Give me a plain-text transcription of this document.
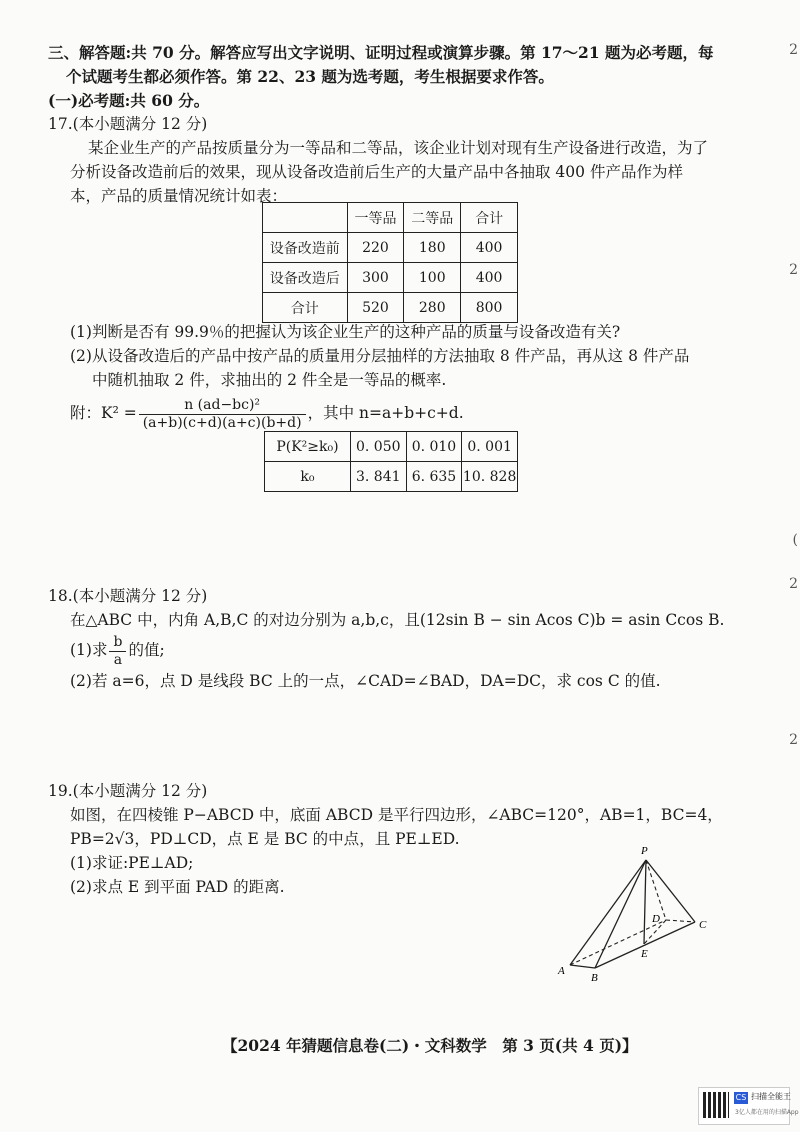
三、解答题:共 70 分。解答应写出文字说明、证明过程或演算步骤。第 17～21 题为必考题，每
个试题考生都必须作答。第 22、23 题为选考题，考生根据要求作答。
(一)必考题:共 60 分。
17.(本小题满分 12 分)
某企业生产的产品按质量分为一等品和二等品，该企业计划对现有生产设备进行改造，为了
分析设备改造前后的效果，现从设备改造前后生产的大量产品中各抽取 400 件产品作为样
本，产品的质量情况统计如表：
	一等品	二等品	合计
设备改造前	220	180	400
设备改造后	300	100	400
合计	520	280	800
(1)判断是否有 99.9％的把握认为该企业生产的这种产品的质量与设备改造有关?
(2)从设备改造后的产品中按产品的质量用分层抽样的方法抽取 8 件产品，再从这 8 件产品
中随机抽取 2 件，求抽出的 2 件全是一等品的概率.
附：$K^2 = \frac{\text{n (ad−bc)²}}{(a+b)(c+d)(a+c)(b+d)}$ ，其中 n=a+b+c+d.
P(K²≥k₀)	0. 050	0. 010	0. 001
k₀	3. 841	6. 635	10. 828
18.(本小题满分 12 分)
在△ABC 中，内角 A,B,C 的对边分别为 a,b,c，且(12sin B − sin Acos C)b = asin Ccos B.
(1)求 $\frac{b}{a}$ 的值;
(2)若 a=6，点 D 是线段 BC 上的一点，∠CAD=∠BAD，DA=DC，求 cos C 的值.
19.(本小题满分 12 分)
如图，在四棱锥 P−ABCD 中，底面 ABCD 是平行四边形，∠ABC=120°，AB=1，BC=4，
PB=2√3，PD⊥CD，点 E 是 BC 的中点，且 PE⊥ED.
(1)求证:PE⊥AD;
(2)求点 E 到平面 PAD 的距离.
P
A
B
C
D
E
【2024 年猜题信息卷(二)・文科数学　第 3 页(共 4 页)】
2
2
(
2
2
CS 扫描全能王
3亿人都在用的扫描App
